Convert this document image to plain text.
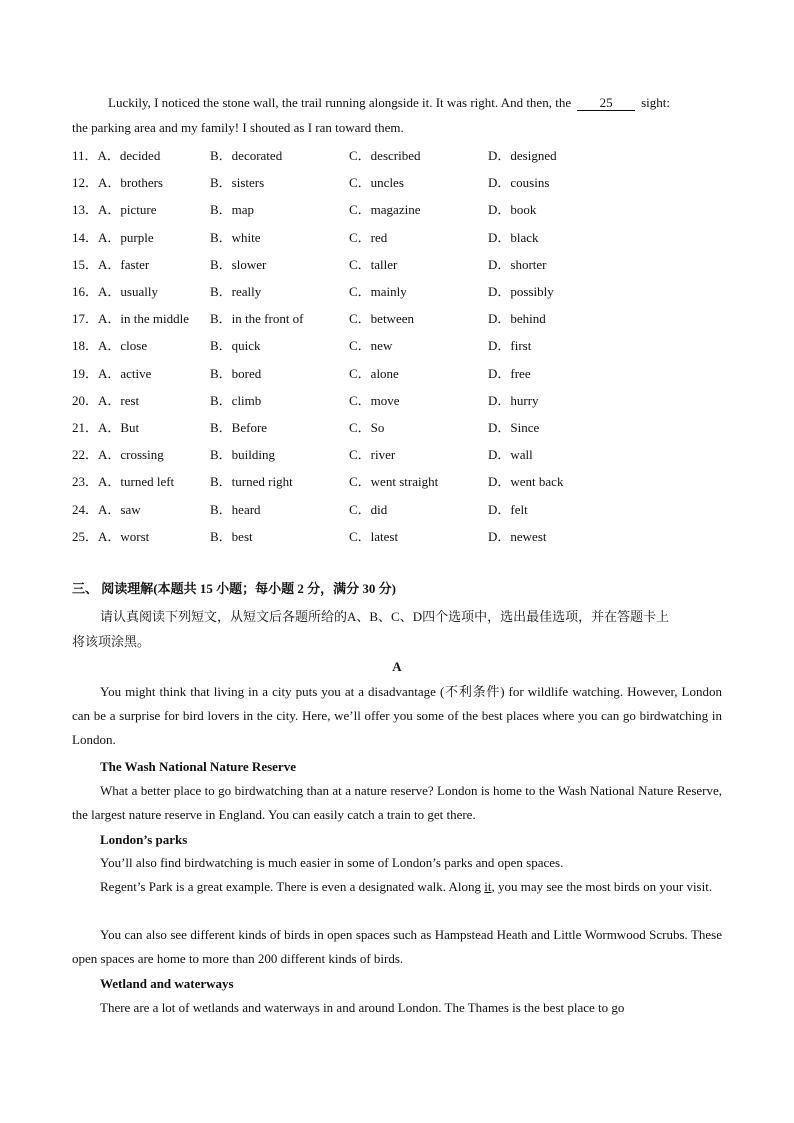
Luckily, I noticed the stone wall, the trail running alongside it. It was right. And then, the 25 sight:
the parking area and my family! I shouted as I ran toward them.
11．A．decided	B．decorated	C．described	D．designed
12．A．brothers	B．sisters	C．uncles	D．cousins
13．A．picture	B．map	C．magazine	D．book
14．A．purple	B．white	C．red	D．black
15．A．faster	B．slower	C．taller	D．shorter
16．A．usually	B．really	C．mainly	D．possibly
17．A．in the middle B．in the front of	C．between	D．behind
18．A．close	B．quick	C．new	D．first
19．A．active	B．bored	C．alone	D．free
20．A．rest	B．climb	C．move	D．hurry
21．A．But	B．Before	C．So	D．Since
22．A．crossing	B．building	C．river	D．wall
23．A．turned left	B．turned right	C．went straight	D．went back
24．A．saw	B．heard	C．did	D．felt
25．A．worst	B．best	C．latest	D．newest
三、 阅读理解(本题共 15 小题；每小题 2 分，满分 30 分)
请认真阅读下列短文，从短文后各题所给的A、B、C、D四个选项中，选出最佳选项，并在答题卡上
将该项涂黑。
A
You might think that living in a city puts you at a disadvantage (不利条件) for wildlife watching. However, London can be a surprise for bird lovers in the city. Here, we’ll offer you some of the best places where you can go birdwatching in London.
The Wash National Nature Reserve
What a better place to go birdwatching than at a nature reserve? London is home to the Wash National Nature Reserve, the largest nature reserve in England. You can easily catch a train to get there.
London’s parks
You’ll also find birdwatching is much easier in some of London’s parks and open spaces.
Regent’s Park is a great example. There is even a designated walk. Along it, you may see the most birds on your visit.
You can also see different kinds of birds in open spaces such as Hampstead Heath and Little Wormwood Scrubs. These open spaces are home to more than 200 different kinds of birds.
Wetland and waterways
There are a lot of wetlands and waterways in and around London. The Thames is the best place to go
